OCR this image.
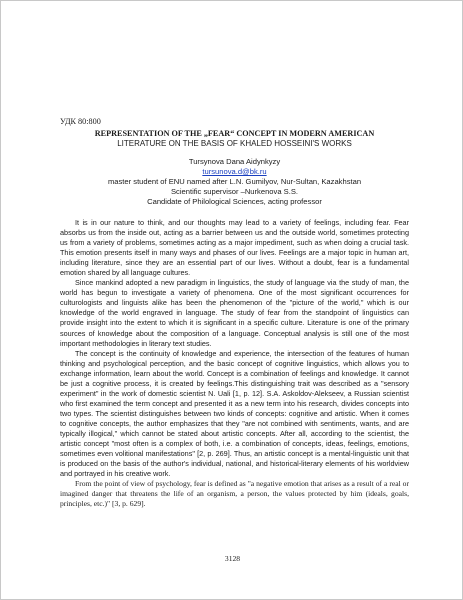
УДК 80:800

REPRESENTATION OF THE „FEAR“ CONCEPT IN MODERN AMERICAN

LITERATURE ON THE BASIS OF KHALED HOSSEINI'S WORKS

Tursynova Dana Aidynkyzy

tursunova.d@bk.ru

master student of ENU named after L.N. Gumilyov, Nur-Sultan, Kazakhstan

Scientific supervisor –Nurkenova S.S.

Candidate of Philological Sciences, acting professor

It is in our nature to think, and our thoughts may lead to a variety of feelings, including fear. Fear absorbs us from the inside out, acting as a barrier between us and the outside world, sometimes protecting us from a variety of problems, sometimes acting as a major impediment, such as when doing a crucial task. This emotion presents itself in many ways and phases of our lives. Feelings are a major topic in human art, including literature, since they are an essential part of our lives. Without a doubt, fear is a fundamental emotion shared by all language cultures.

Since mankind adopted a new paradigm in linguistics, the study of language via the study of man, the world has begun to investigate a variety of phenomena. One of the most significant occurrences for culturologists and linguists alike has been the phenomenon of the "picture of the world," which is our knowledge of the world engraved in language. The study of fear from the standpoint of linguistics can provide insight into the extent to which it is significant in a specific culture. Literature is one of the primary sources of knowledge about the composition of a language. Conceptual analysis is still one of the most important methodologies in literary text studies.

The concept is the continuity of knowledge and experience, the intersection of the features of human thinking and psychological perception, and the basic concept of cognitive linguistics, which allows you to exchange information, learn about the world. Concept is a combination of feelings and knowledge. It cannot be just a cognitive process, it is created by feelings.This distinguishing trait was described as a "sensory experiment" in the work of domestic scientist N. Uali [1, p. 12]. S.A. Askoldov-Alekseev, a Russian scientist who first examined the term concept and presented it as a new term into his research, divides concepts into two types. The scientist distinguishes between two kinds of concepts: cognitive and artistic. When it comes to cognitive concepts, the author emphasizes that they "are not combined with sentiments, wants, and are typically illogical," which cannot be stated about artistic concepts. After all, according to the scientist, the artistic concept "most often is a complex of both, i.e. a combination of concepts, ideas, feelings, emotions, sometimes even volitional manifestations" [2, p. 269]. Thus, an artistic concept is a mental-linguistic unit that is produced on the basis of the author's individual, national, and historical-literary elements of his worldview and portrayed in his creative work.

From the point of view of psychology, fear is defined as "a negative emotion that arises as a result of a real or imagined danger that threatens the life of an organism, a person, the values protected by him (ideals, goals, principles, etc.)" [3, p. 629].

3128
